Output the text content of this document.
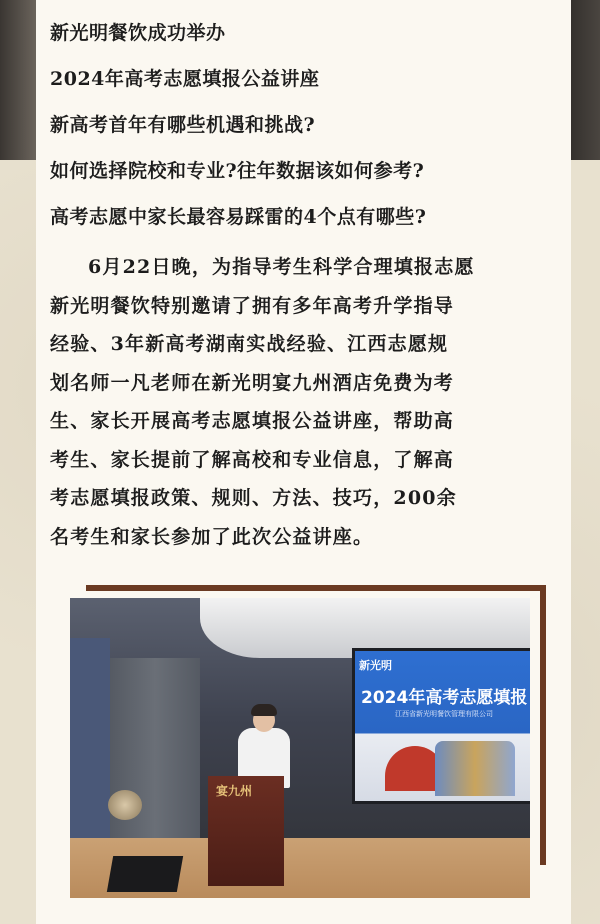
新光明餐饮成功举办
2024年高考志愿填报公益讲座
新高考首年有哪些机遇和挑战?
如何选择院校和专业?往年数据该如何参考?
高考志愿中家长最容易踩雷的4个点有哪些?
6月22日晚，为指导考生科学合理填报志愿
新光明餐饮特别邀请了拥有多年高考升学指导
经验、3年新高考湖南实战经验、江西志愿规
划名师一凡老师在新光明宴九州酒店免费为考
生、家长开展高考志愿填报公益讲座，帮助高
考生、家长提前了解高校和专业信息，了解高
考志愿填报政策、规则、方法、技巧，200余
名考生和家长参加了此次公益讲座。
新光明
2024年高考志愿填报
江西省新光明餐饮管理有限公司
宴九州
